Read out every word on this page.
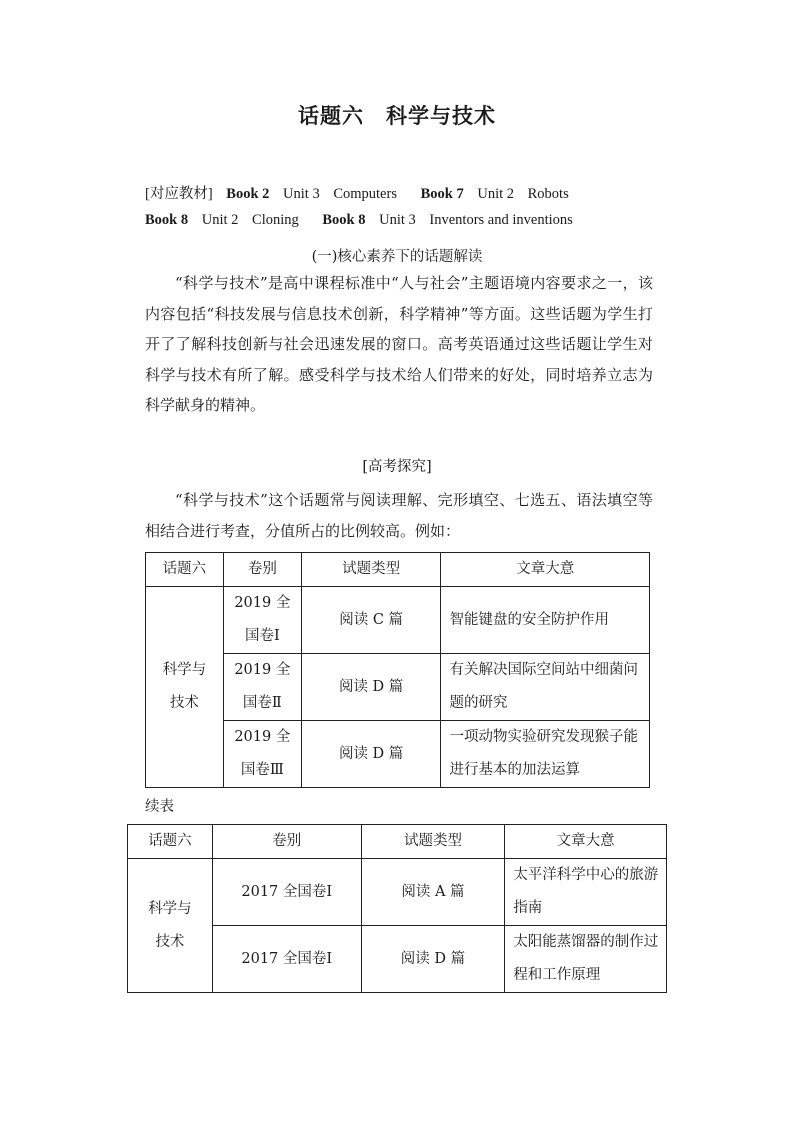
话题六 科学与技术
[对应教材] Book 2 Unit 3 Computers Book 7 Unit 2 Robots
Book 8 Unit 2 Cloning Book 8 Unit 3 Inventors and inventions
(一)核心素养下的话题解读

“科学与技术”是高中课程标准中“人与社会”主题语境内容要求之一，该内容包括“科技发展与信息技术创新，科学精神”等方面。这些话题为学生打开了了解科技创新与社会迅速发展的窗口。高考英语通过这些话题让学生对科学与技术有所了解。感受科学与技术给人们带来的好处，同时培养立志为科学献身的精神。

[高考探究]

“科学与技术”这个话题常与阅读理解、完形填空、七选五、语法填空等相结合进行考查，分值所占的比例较高。例如：

话题六	卷别	试题类型	文章大意
科学与技术	2019 全国卷Ⅰ	阅读 C 篇	智能键盘的安全防护作用
	2019 全国卷Ⅱ	阅读 D 篇	有关解决国际空间站中细菌问题的研究
	2019 全国卷Ⅲ	阅读 D 篇	一项动物实验研究发现猴子能进行基本的加法运算
续表
话题六	卷别	试题类型	文章大意
科学与技术	2017 全国卷Ⅰ	阅读 A 篇	太平洋科学中心的旅游指南
	2017 全国卷Ⅰ	阅读 D 篇	太阳能蒸馏器的制作过程和工作原理
